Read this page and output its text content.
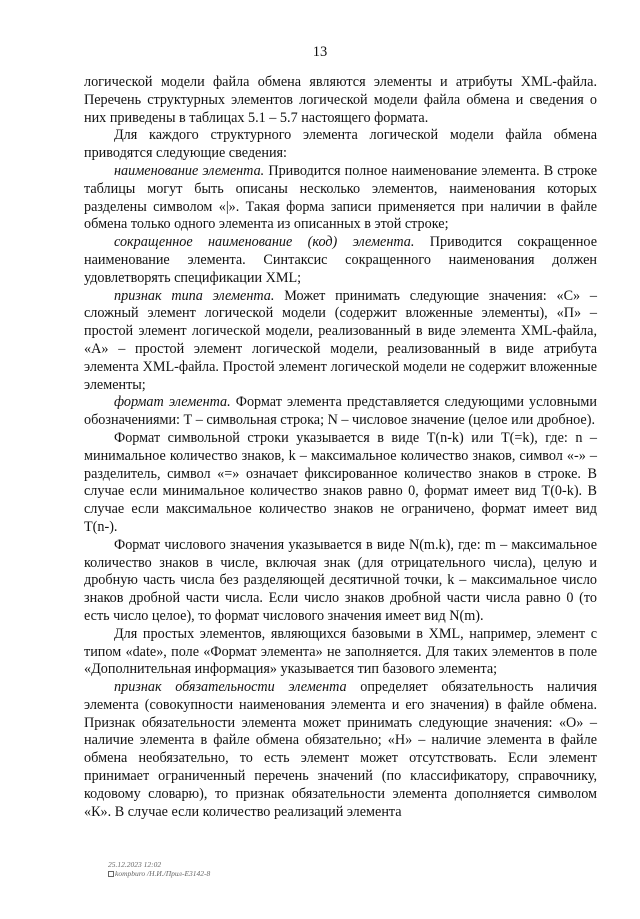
13

логической модели файла обмена являются элементы и атрибуты XML-файла. Перечень структурных элементов логической модели файла обмена и сведения о них приведены в таблицах 5.1 – 5.7 настоящего формата.

Для каждого структурного элемента логической модели файла обмена приводятся следующие сведения:

наименование элемента. Приводится полное наименование элемента. В строке таблицы могут быть описаны несколько элементов, наименования которых разделены символом «|». Такая форма записи применяется при наличии в файле обмена только одного элемента из описанных в этой строке;

сокращенное наименование (код) элемента. Приводится сокращенное наименование элемента. Синтаксис сокращенного наименования должен удовлетворять спецификации XML;

признак типа элемента. Может принимать следующие значения: «С» – сложный элемент логической модели (содержит вложенные элементы), «П» – простой элемент логической модели, реализованный в виде элемента XML-файла, «А» – простой элемент логической модели, реализованный в виде атрибута элемента XML-файла. Простой элемент логической модели не содержит вложенные элементы;

формат элемента. Формат элемента представляется следующими условными обозначениями: Т – символьная строка; N – числовое значение (целое или дробное).

Формат символьной строки указывается в виде Т(n-k) или Т(=k), где: n – минимальное количество знаков, k – максимальное количество знаков, символ «-» – разделитель, символ «=» означает фиксированное количество знаков в строке. В случае если минимальное количество знаков равно 0, формат имеет вид Т(0-k). В случае если максимальное количество знаков не ограничено, формат имеет вид Т(n-).

Формат числового значения указывается в виде N(m.k), где: m – максимальное количество знаков в числе, включая знак (для отрицательного числа), целую и дробную часть числа без разделяющей десятичной точки, k – максимальное число знаков дробной части числа. Если число знаков дробной части числа равно 0 (то есть число целое), то формат числового значения имеет вид N(m).

Для простых элементов, являющихся базовыми в XML, например, элемент с типом «date», поле «Формат элемента» не заполняется. Для таких элементов в поле «Дополнительная информация» указывается тип базового элемента;

признак обязательности элемента определяет обязательность наличия элемента (совокупности наименования элемента и его значения) в файле обмена. Признак обязательности элемента может принимать следующие значения: «О» – наличие элемента в файле обмена обязательно; «Н» – наличие элемента в файле обмена необязательно, то есть элемент может отсутствовать. Если элемент принимает ограниченный перечень значений (по классификатору, справочнику, кодовому словарю), то признак обязательности элемента дополняется символом «К». В случае если количество реализаций элемента

25.12.2023 12:02
kompburo /Н.И./Прил-Е3142-8
